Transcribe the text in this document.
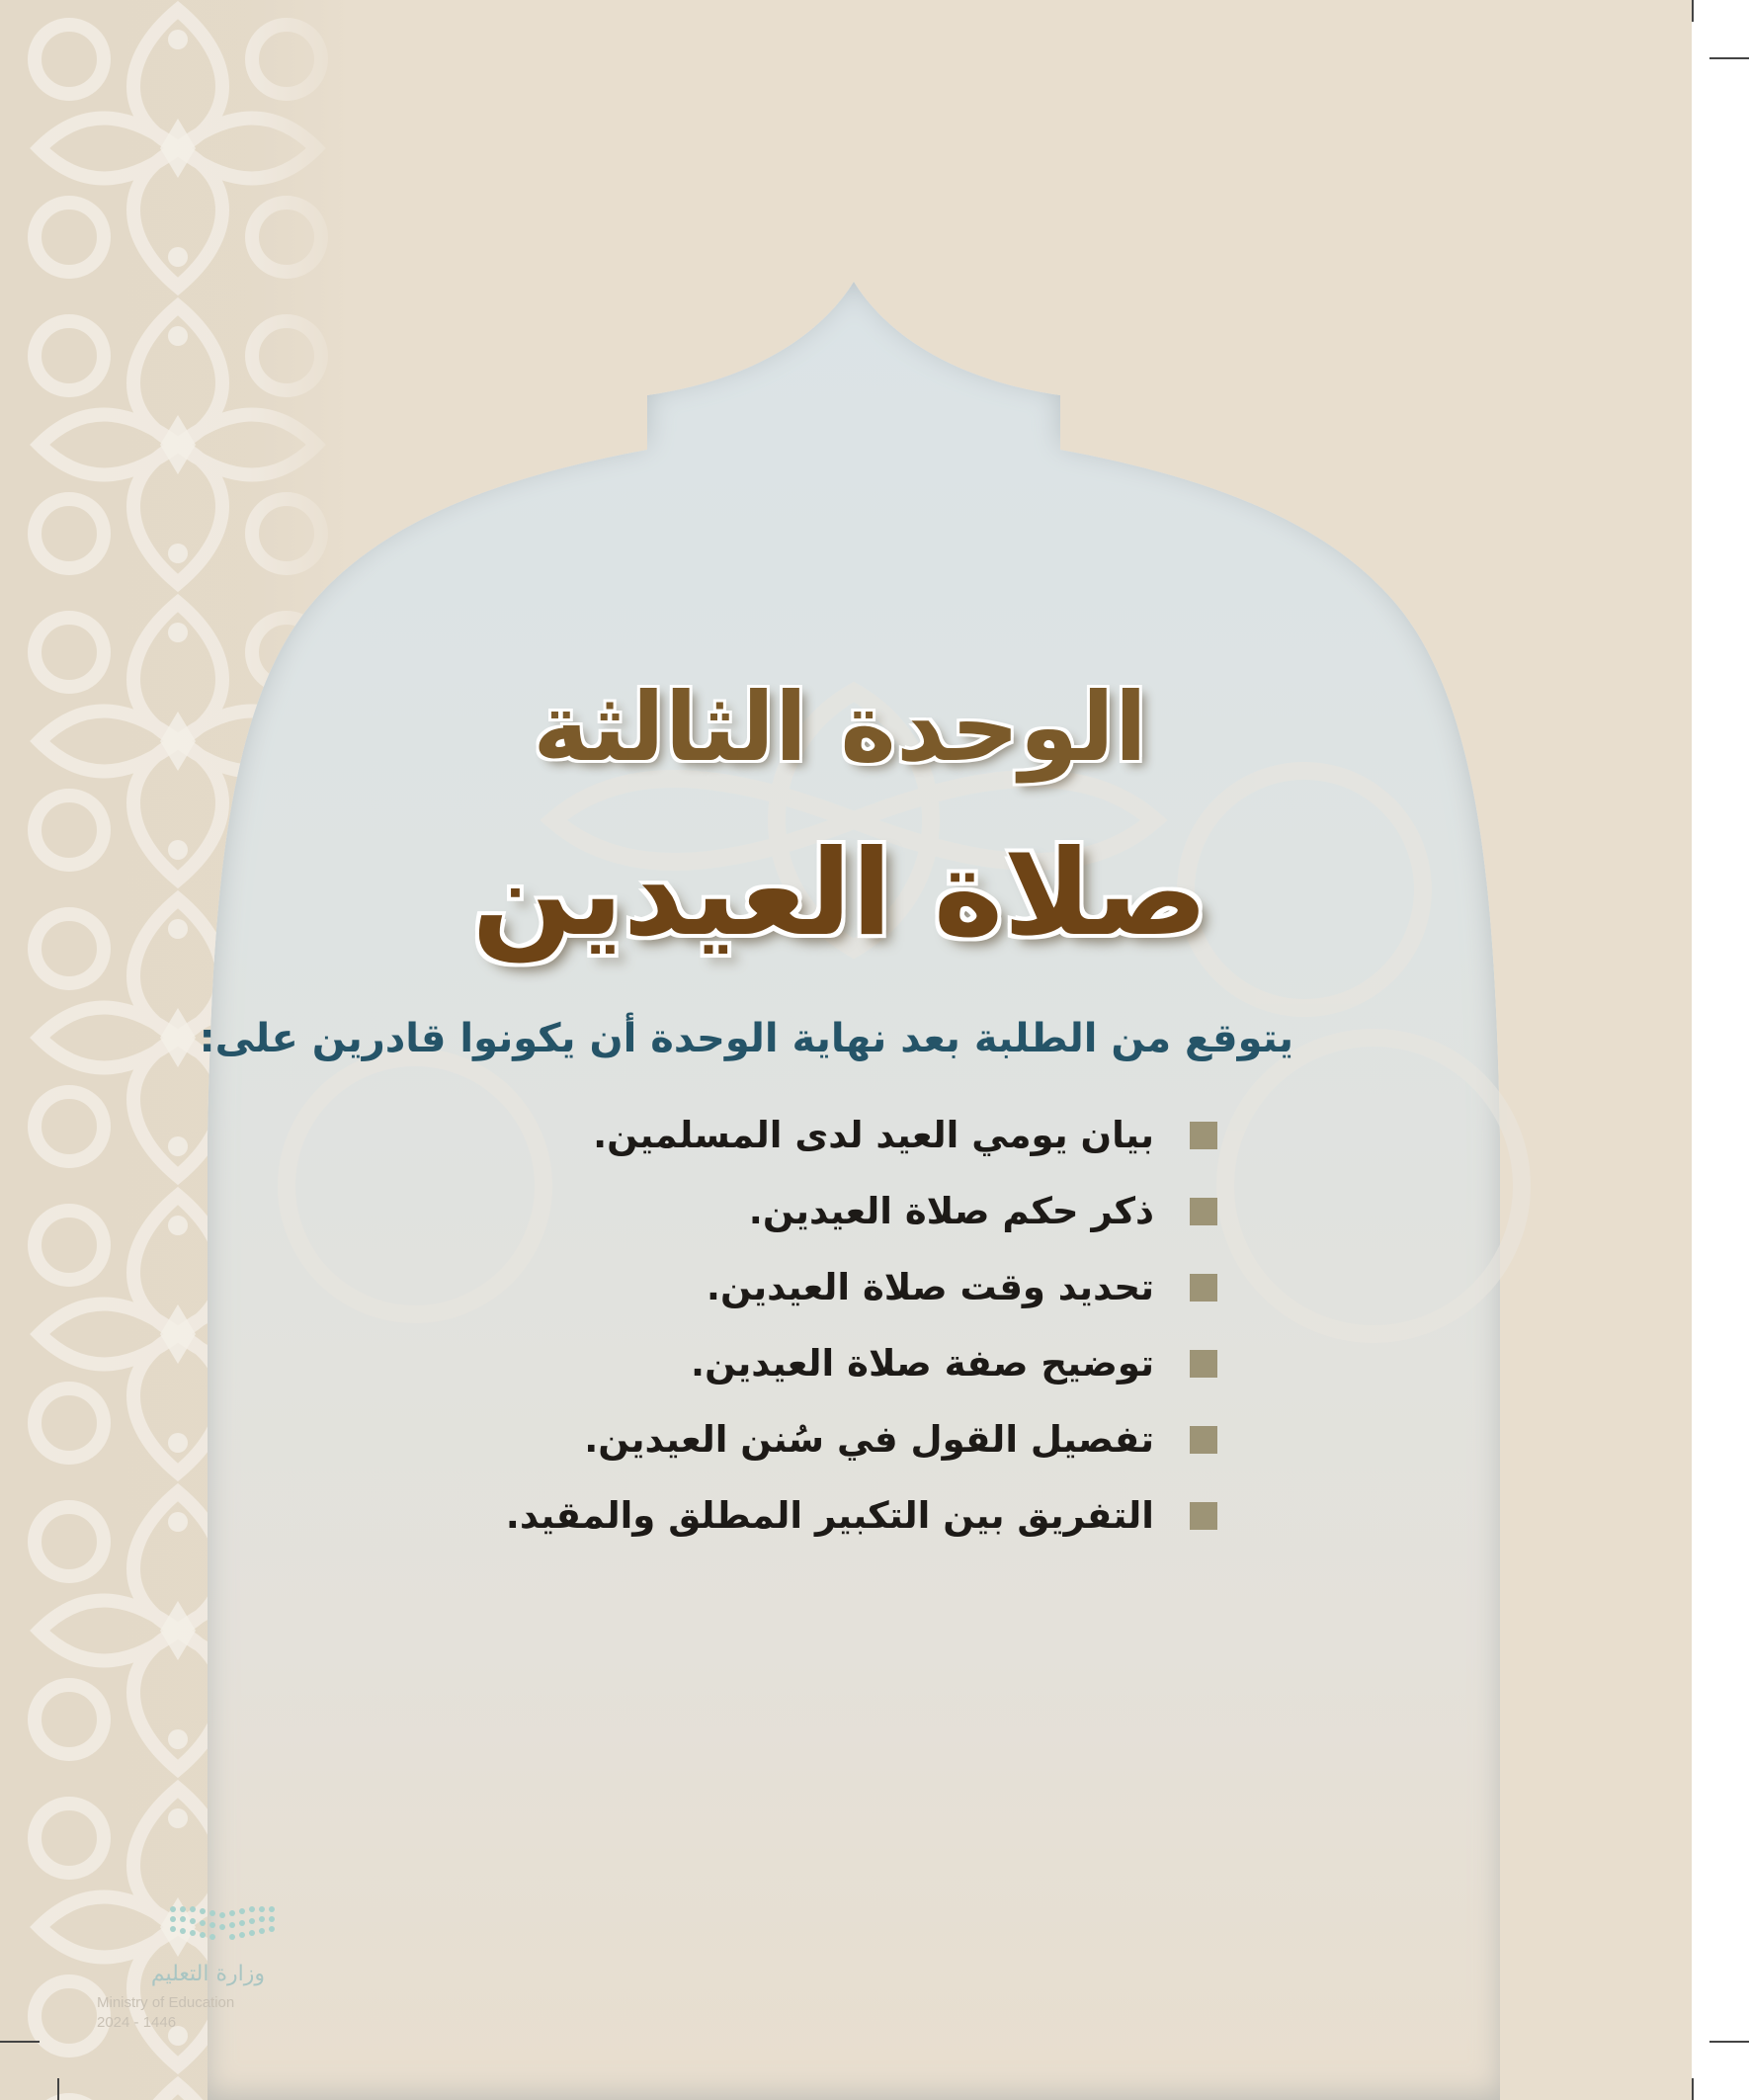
الوحدة الثالثة
صلاة العيدين
يتوقع من الطلبة بعد نهاية الوحدة أن يكونوا قادرين على:
بيان يومي العيد لدى المسلمين.
ذكر حكم صلاة العيدين.
تحديد وقت صلاة العيدين.
توضيح صفة صلاة العيدين.
تفصيل القول في سُنن العيدين.
التفريق بين التكبير المطلق والمقيد.
وزارة التعليم
Ministry of Education
2024 - 1446
